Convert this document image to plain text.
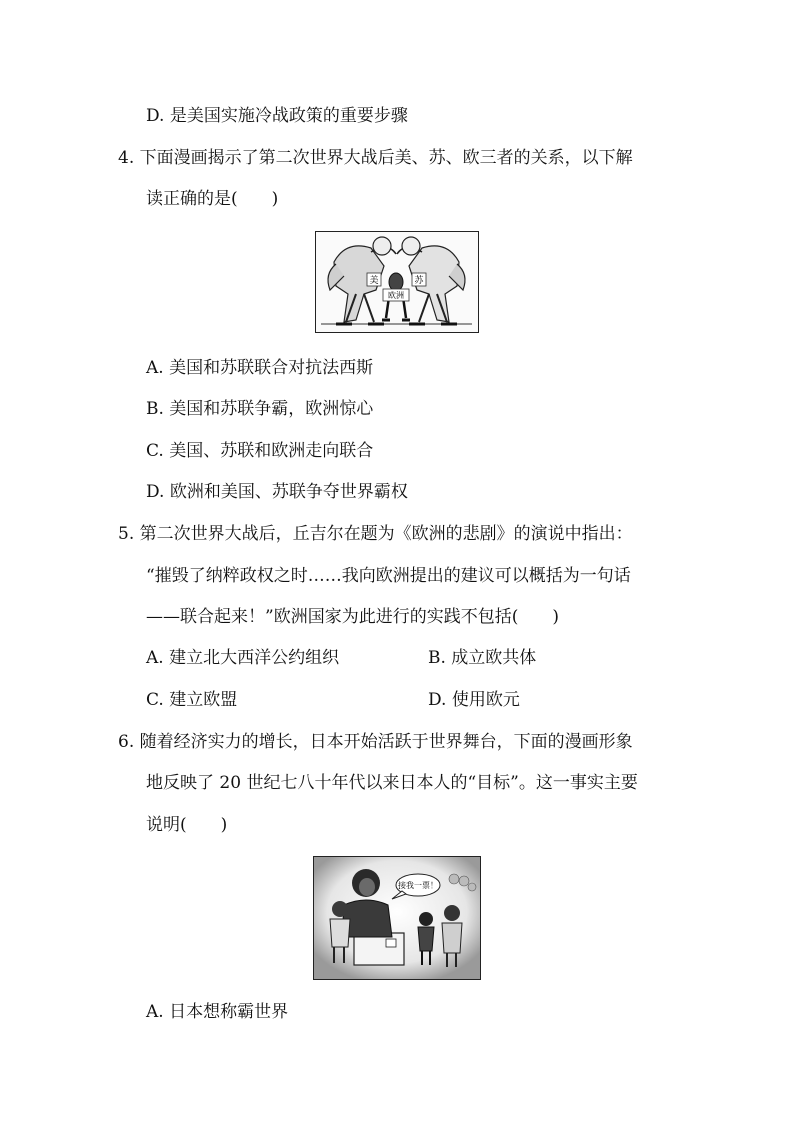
D. 是美国实施冷战政策的重要步骤
4. 下面漫画揭示了第二次世界大战后美、苏、欧三者的关系，以下解
读正确的是(　　)
美	苏
欧洲
A. 美国和苏联联合对抗法西斯
B. 美国和苏联争霸，欧洲惊心
C. 美国、苏联和欧洲走向联合
D. 欧洲和美国、苏联争夺世界霸权
5. 第二次世界大战后，丘吉尔在题为《欧洲的悲剧》的演说中指出：
“摧毁了纳粹政权之时……我向欧洲提出的建议可以概括为一句话
——联合起来！”欧洲国家为此进行的实践不包括(　　)
A. 建立北大西洋公约组织	B. 成立欧共体
C. 建立欧盟	D. 使用欧元
6. 随着经济实力的增长，日本开始活跃于世界舞台，下面的漫画形象
地反映了 20 世纪七八十年代以来日本人的“目标”。这一事实主要
说明(　　)
接我一票！
A. 日本想称霸世界
